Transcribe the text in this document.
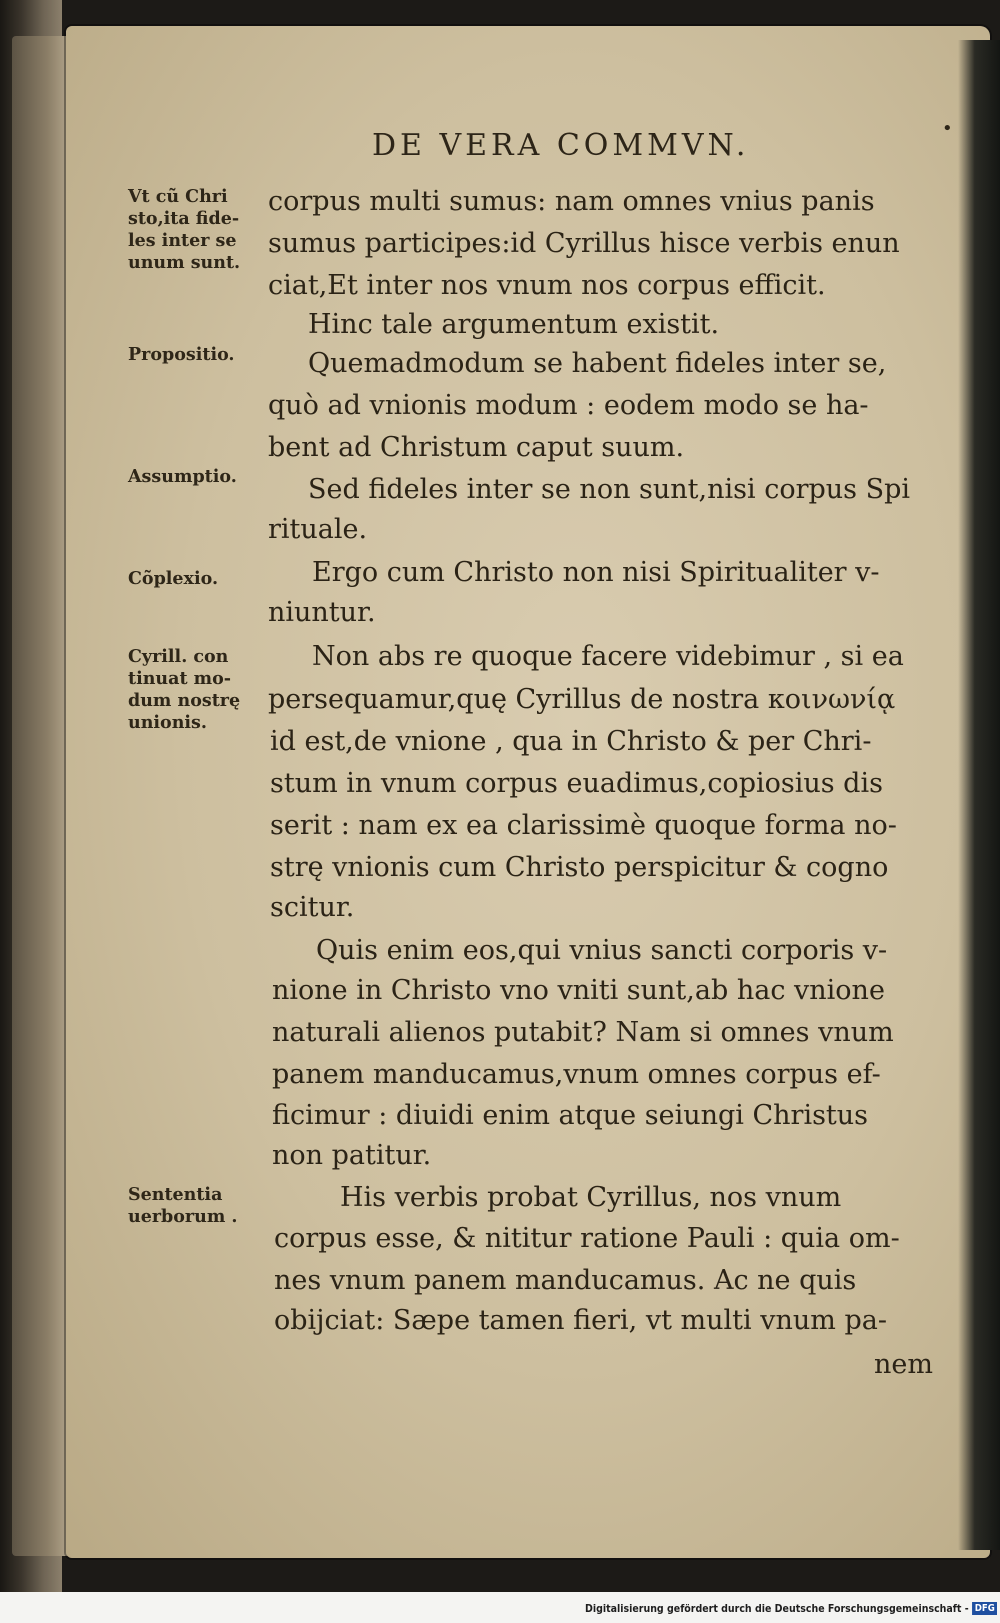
DE VERA COMMVN.	•
Vt cũ Chri
sto,ita fide-
les inter se
unum sunt.
Propositio.
Assumptio.
Cõplexio.
Cyrill. con
tinuat mo-
dum nostrę
unionis.
Sententia
uerborum .
corpus multi sumus: nam omnes vnius panis
sumus participes:id Cyrillus hisce verbis enun
ciat,Et inter nos vnum nos corpus efficit.
Hinc tale argumentum existit.
Quemadmodum se habent fideles inter se,
quò ad vnionis modum : eodem modo se ha-
bent ad Christum caput suum.
Sed fideles inter se non sunt,nisi corpus Spi
rituale.
Ergo cum Christo non nisi Spiritualiter v-
niuntur.
Non abs re quoque facere videbimur , si ea
persequamur,quę Cyrillus de nostra κοινωνίᾳ
id est,de vnione , qua in Christo & per Chri-
stum in vnum corpus euadimus,copiosius dis
serit : nam ex ea clarissimè quoque forma no-
strę vnionis cum Christo perspicitur & cogno
scitur.
Quis enim eos,qui vnius sancti corporis v-
nione in Christo vno vniti sunt,ab hac vnione
naturali alienos putabit? Nam si omnes vnum
panem manducamus,vnum omnes corpus ef-
ficimur : diuidi enim atque seiungi Christus
non patitur.
His verbis probat Cyrillus, nos vnum
corpus esse, & nititur ratione Pauli : quia om-
nes vnum panem manducamus. Ac ne quis
obijciat: Sæpe tamen fieri, vt multi vnum pa-
nem
Digitalisierung gefördert durch die Deutsche Forschungsgemeinschaft - DFG
